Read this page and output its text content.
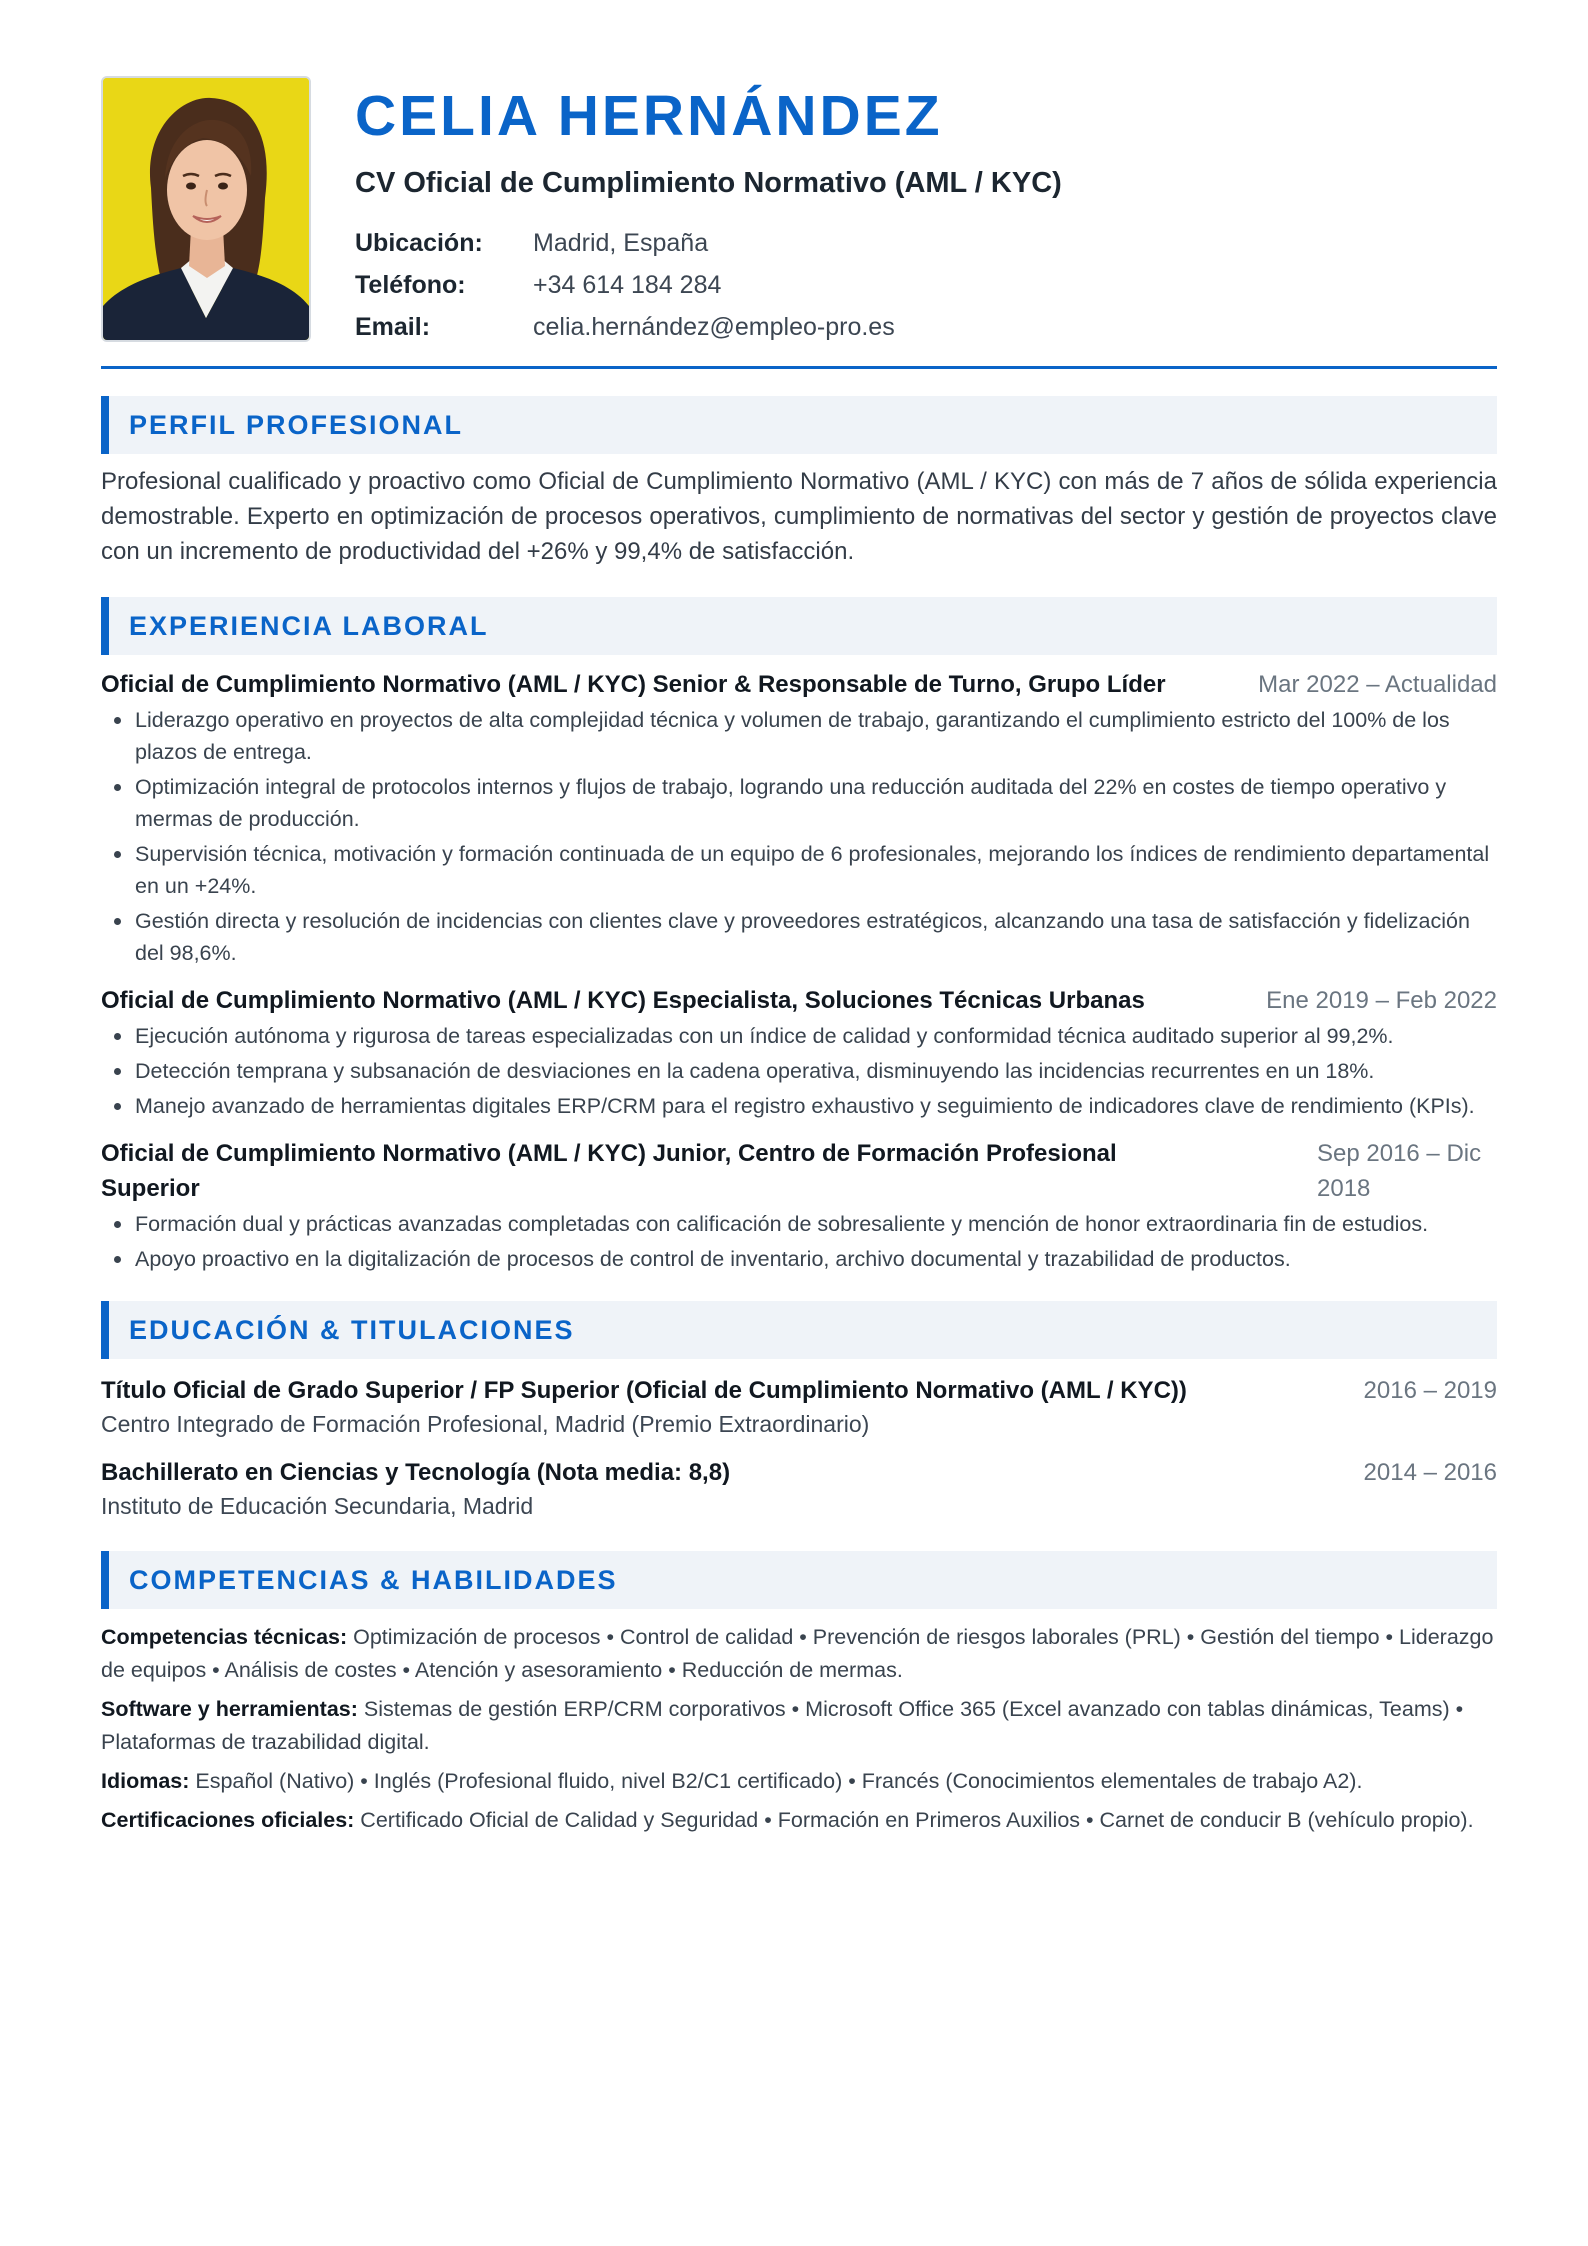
CELIA HERNÁNDEZ
CV Oficial de Cumplimiento Normativo (AML / KYC)
Ubicación:	Madrid, España
Teléfono:	+34 614 184 284
Email:	celia.hernández@empleo-pro.es
PERFIL PROFESIONAL
Profesional cualificado y proactivo como Oficial de Cumplimiento Normativo (AML / KYC) con más de 7 años de sólida experiencia demostrable. Experto en optimización de procesos operativos, cumplimiento de normativas del sector y gestión de proyectos clave con un incremento de productividad del +26% y 99,4% de satisfacción.
EXPERIENCIA LABORAL
Oficial de Cumplimiento Normativo (AML / KYC) Senior & Responsable de Turno, Grupo Líder	Mar 2022 – Actualidad
Liderazgo operativo en proyectos de alta complejidad técnica y volumen de trabajo, garantizando el cumplimiento estricto del 100% de los plazos de entrega.
Optimización integral de protocolos internos y flujos de trabajo, logrando una reducción auditada del 22% en costes de tiempo operativo y mermas de producción.
Supervisión técnica, motivación y formación continuada de un equipo de 6 profesionales, mejorando los índices de rendimiento departamental en un +24%.
Gestión directa y resolución de incidencias con clientes clave y proveedores estratégicos, alcanzando una tasa de satisfacción y fidelización del 98,6%.
Oficial de Cumplimiento Normativo (AML / KYC) Especialista, Soluciones Técnicas Urbanas	Ene 2019 – Feb 2022
Ejecución autónoma y rigurosa de tareas especializadas con un índice de calidad y conformidad técnica auditado superior al 99,2%.
Detección temprana y subsanación de desviaciones en la cadena operativa, disminuyendo las incidencias recurrentes en un 18%.
Manejo avanzado de herramientas digitales ERP/CRM para el registro exhaustivo y seguimiento de indicadores clave de rendimiento (KPIs).
Oficial de Cumplimiento Normativo (AML / KYC) Junior, Centro de Formación Profesional Superior
Sep 2016 – Dic 2018
Formación dual y prácticas avanzadas completadas con calificación de sobresaliente y mención de honor extraordinaria fin de estudios.
Apoyo proactivo en la digitalización de procesos de control de inventario, archivo documental y trazabilidad de productos.
EDUCACIÓN & TITULACIONES
Título Oficial de Grado Superior / FP Superior (Oficial de Cumplimiento Normativo (AML / KYC))	2016 – 2019
Centro Integrado de Formación Profesional, Madrid (Premio Extraordinario)
Bachillerato en Ciencias y Tecnología (Nota media: 8,8)	2014 – 2016
Instituto de Educación Secundaria, Madrid
COMPETENCIAS & HABILIDADES
Competencias técnicas: Optimización de procesos • Control de calidad • Prevención de riesgos laborales (PRL) • Gestión del tiempo • Liderazgo de equipos • Análisis de costes • Atención y asesoramiento • Reducción de mermas.
Software y herramientas: Sistemas de gestión ERP/CRM corporativos • Microsoft Office 365 (Excel avanzado con tablas dinámicas, Teams) • Plataformas de trazabilidad digital.
Idiomas: Español (Nativo) • Inglés (Profesional fluido, nivel B2/C1 certificado) • Francés (Conocimientos elementales de trabajo A2).
Certificaciones oficiales: Certificado Oficial de Calidad y Seguridad • Formación en Primeros Auxilios • Carnet de conducir B (vehículo propio).
